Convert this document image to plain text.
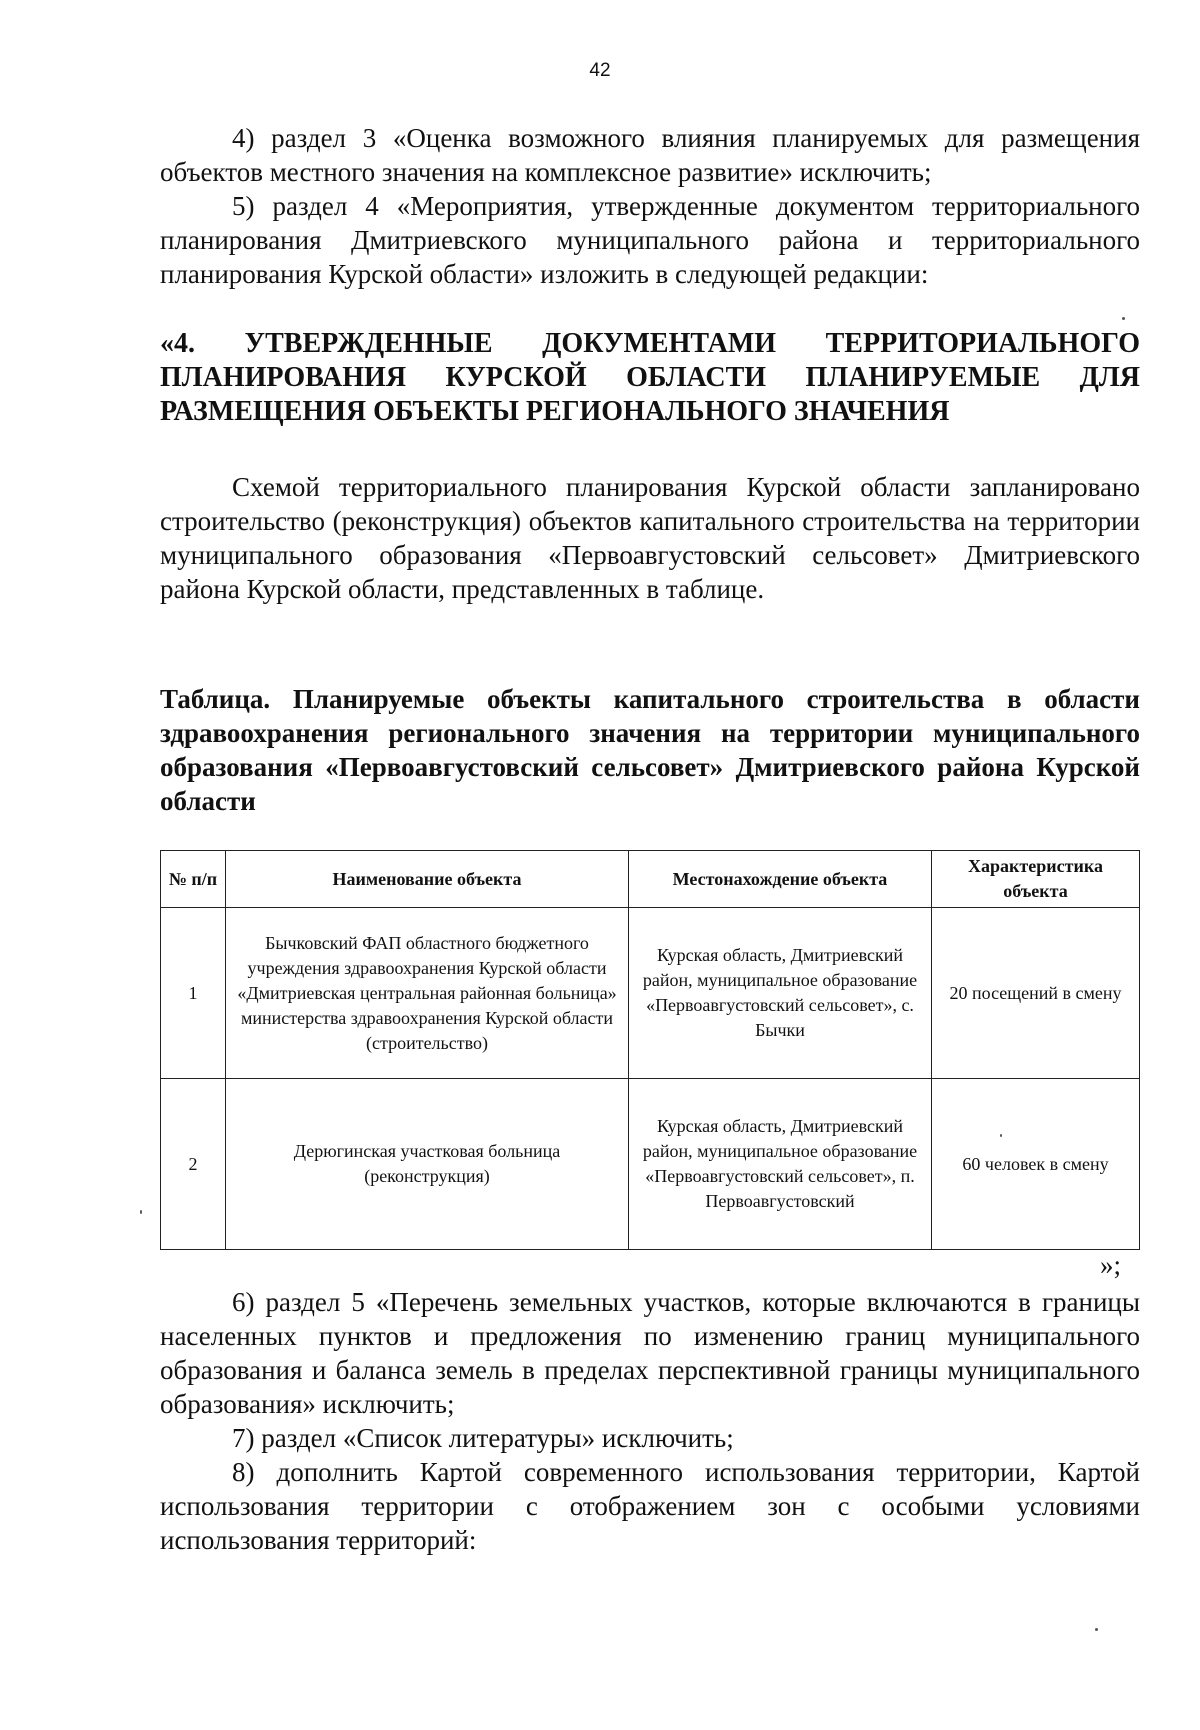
42

4) раздел 3 «Оценка возможного влияния планируемых для размещения объектов местного значения на комплексное развитие» исключить;

5) раздел 4 «Мероприятия, утвержденные документом территориального планирования Дмитриевского муниципального района и территориального планирования Курской области» изложить в следующей редакции:

«4. УТВЕРЖДЕННЫЕ ДОКУМЕНТАМИ ТЕРРИТОРИАЛЬНОГО ПЛАНИРОВАНИЯ КУРСКОЙ ОБЛАСТИ ПЛАНИРУЕМЫЕ ДЛЯ РАЗМЕЩЕНИЯ ОБЪЕКТЫ РЕГИОНАЛЬНОГО ЗНАЧЕНИЯ

Схемой территориального планирования Курской области запланировано строительство (реконструкция) объектов капитального строительства на территории муниципального образования «Первоавгустовский сельсовет» Дмитриевского района Курской области, представленных в таблице.

Таблица. Планируемые объекты капитального строительства в области здравоохранения регионального значения на территории муниципального образования «Первоавгустовский сельсовет» Дмитриевского района Курской области
№ п/п	Наименование объекта	Местонахождение объекта	Характеристика объекта
1	Бычковский ФАП областного бюджетного учреждения здравоохранения Курской области «Дмитриевская центральная районная больница» министерства здравоохранения Курской области (строительство)	Курская область, Дмитриевский район, муниципальное образование «Первоавгустовский сельсовет», с. Бычки	20 посещений в смену
2	Дерюгинская участковая больница (реконструкция)	Курская область, Дмитриевский район, муниципальное образование «Первоавгустовский сельсовет», п. Первоавгустовский	60 человек в смену
»;

6) раздел 5 «Перечень земельных участков, которые включаются в границы населенных пунктов и предложения по изменению границ муниципального образования и баланса земель в пределах перспективной границы муниципального образования» исключить;

7) раздел «Список литературы» исключить;

8) дополнить Картой современного использования территории, Картой использования территории с отображением зон с особыми условиями использования территорий:
